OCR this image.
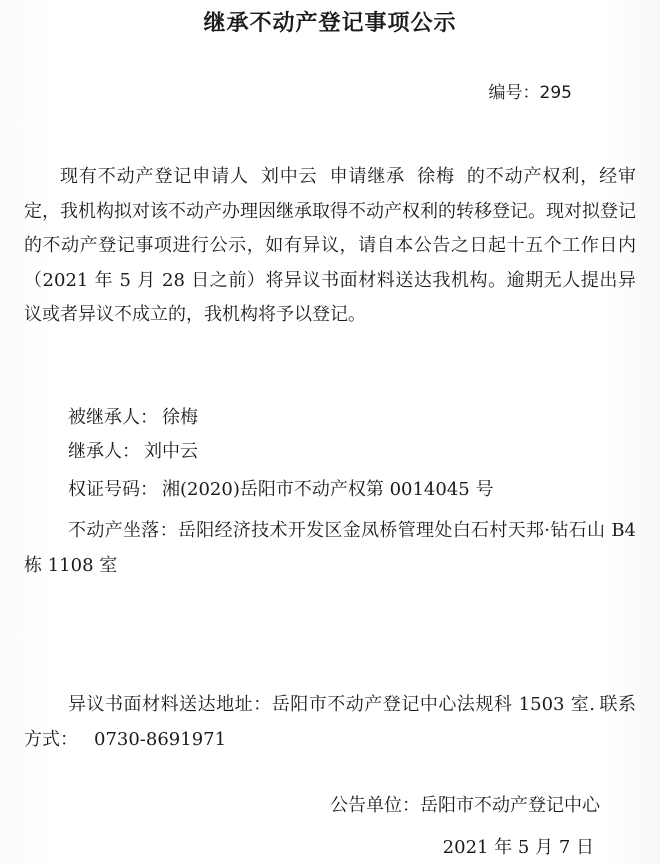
继承不动产登记事项公示
编号：295
现有不动产登记申请人 刘中云 申请继承 徐梅 的不动产权利，经审定，我机构拟对该不动产办理因继承取得不动产权利的转移登记。现对拟登记的不动产登记事项进行公示，如有异议，请自本公告之日起十五个工作日内（2021 年 5 月 28 日之前）将异议书面材料送达我机构。逾期无人提出异议或者异议不成立的，我机构将予以登记。
被继承人： 徐梅
继承人： 刘中云
权证号码： 湘(2020)岳阳市不动产权第 0014045 号
不动产坐落：岳阳经济技术开发区金凤桥管理处白石村天邦·钻石山 B4 栋 1108 室
异议书面材料送达地址：岳阳市不动产登记中心法规科 1503 室. 联系方式： 0730-8691971
公告单位：岳阳市不动产登记中心
2021 年 5 月 7 日
